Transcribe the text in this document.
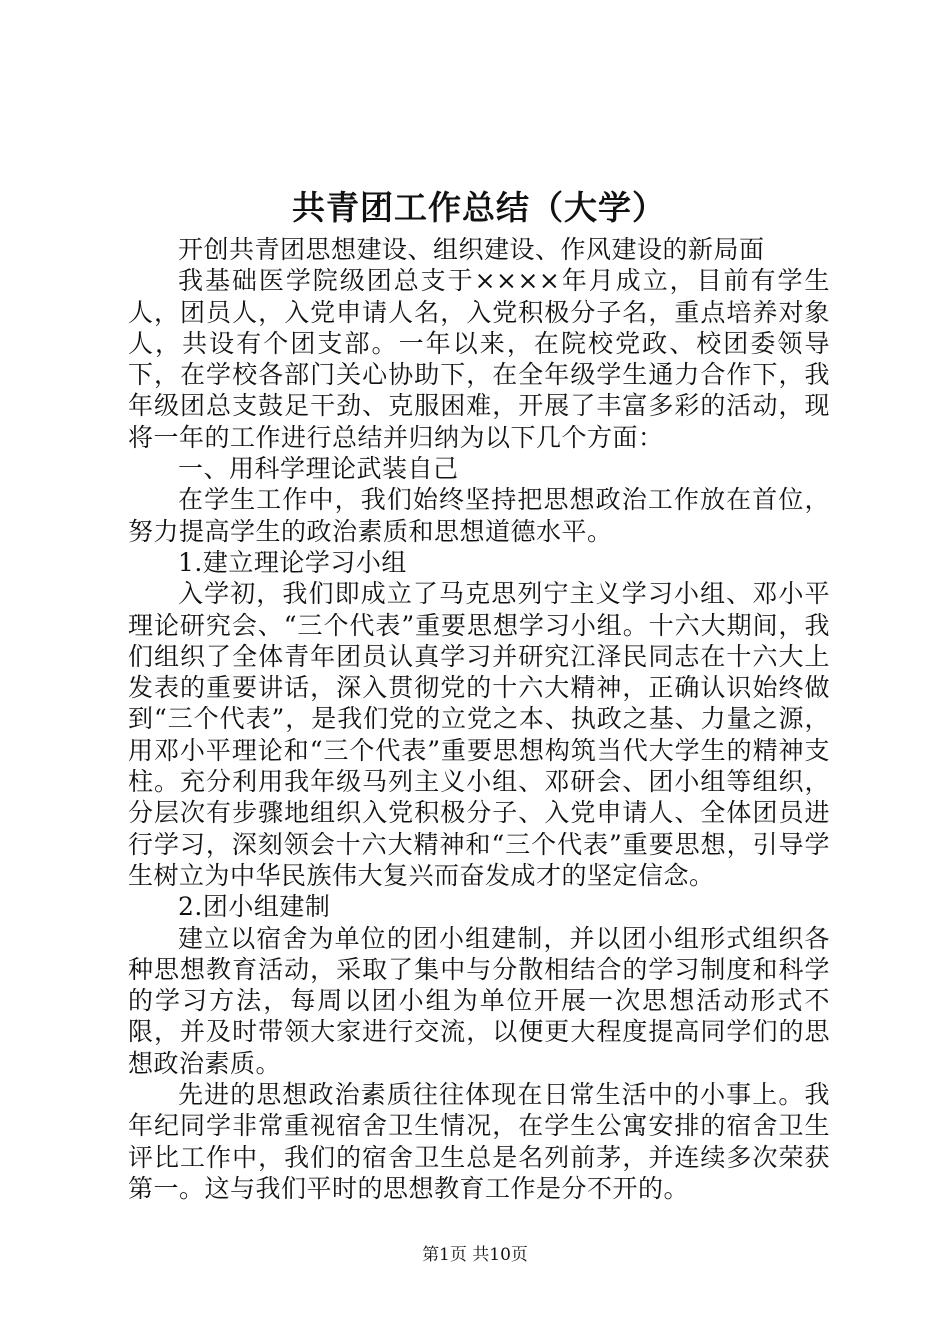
共青团工作总结（大学）

开创共青团思想建设、组织建设、作风建设的新局面

我基础医学院级团总支于××××年月成立，目前有学生人，团员人，入党申请人名，入党积极分子名，重点培养对象人，共设有个团支部。一年以来，在院校党政、校团委领导下，在学校各部门关心协助下，在全年级学生通力合作下，我年级团总支鼓足干劲、克服困难，开展了丰富多彩的活动，现将一年的工作进行总结并归纳为以下几个方面：

一、用科学理论武装自己

在学生工作中，我们始终坚持把思想政治工作放在首位，努力提高学生的政治素质和思想道德水平。

1.建立理论学习小组

入学初，我们即成立了马克思列宁主义学习小组、邓小平理论研究会、“三个代表”重要思想学习小组。十六大期间，我们组织了全体青年团员认真学习并研究江泽民同志在十六大上发表的重要讲话，深入贯彻党的十六大精神，正确认识始终做到“三个代表”，是我们党的立党之本、执政之基、力量之源，用邓小平理论和“三个代表”重要思想构筑当代大学生的精神支柱。充分利用我年级马列主义小组、邓研会、团小组等组织，分层次有步骤地组织入党积极分子、入党申请人、全体团员进行学习，深刻领会十六大精神和“三个代表”重要思想，引导学生树立为中华民族伟大复兴而奋发成才的坚定信念。

2.团小组建制

建立以宿舍为单位的团小组建制，并以团小组形式组织各种思想教育活动，采取了集中与分散相结合的学习制度和科学的学习方法，每周以团小组为单位开展一次思想活动形式不限，并及时带领大家进行交流，以便更大程度提高同学们的思想政治素质。

先进的思想政治素质往往体现在日常生活中的小事上。我年纪同学非常重视宿舍卫生情况，在学生公寓安排的宿舍卫生评比工作中，我们的宿舍卫生总是名列前茅，并连续多次荣获第一。这与我们平时的思想教育工作是分不开的。

第1页 共10页
